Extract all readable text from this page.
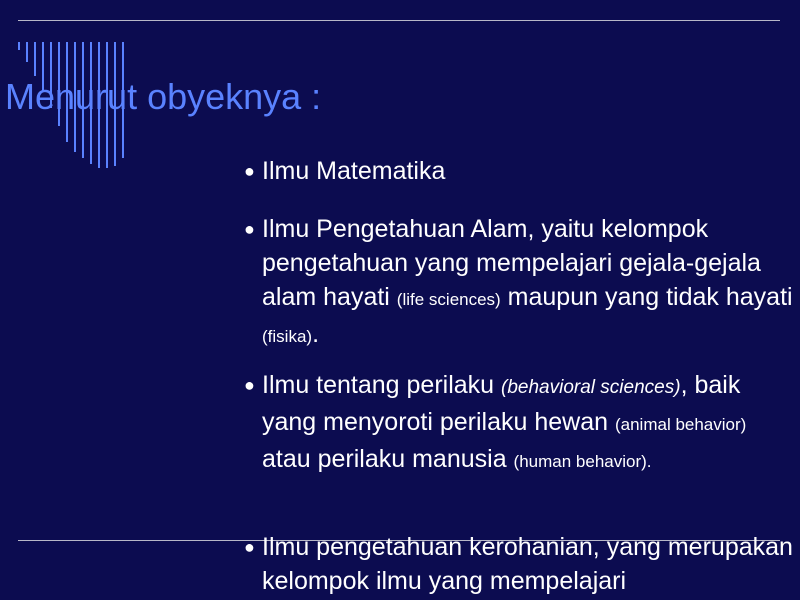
Menurut obyeknya :
● Ilmu Matematika
● Ilmu Pengetahuan Alam, yaitu kelompok pengetahuan yang mempelajari gejala-gejala alam hayati (life sciences) maupun yang tidak hayati (fisika).
● Ilmu tentang perilaku (behavioral sciences), baik yang menyoroti perilaku hewan (animal behavior) atau perilaku manusia (human behavior).
● Ilmu pengetahuan kerohanian, yang merupakan kelompok ilmu yang mempelajari
